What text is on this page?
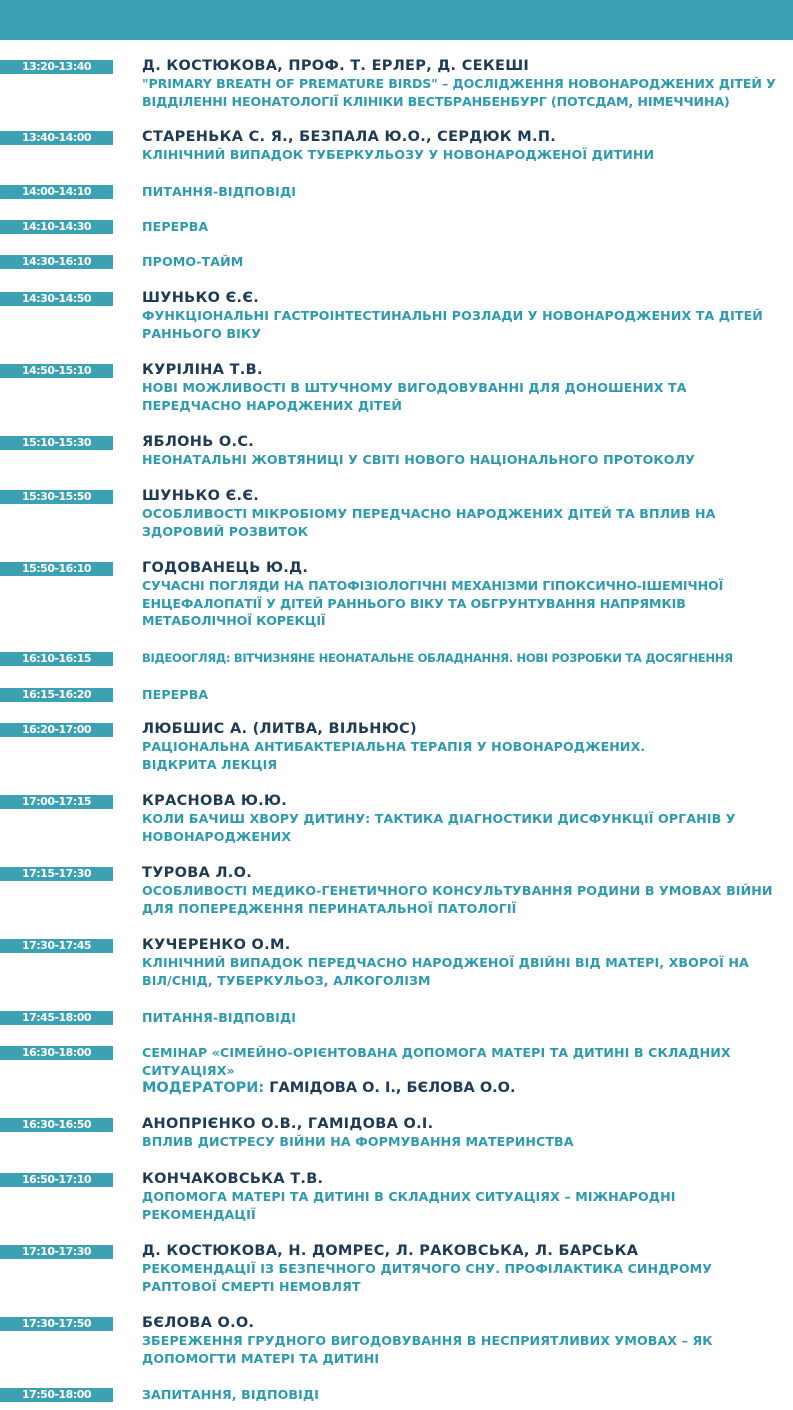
13:20-13:40	Д. КОСТЮКОВА, ПРОФ. Т. ЕРЛЕР, Д. СЕКЕШІ
"PRIMARY BREATH OF PREMATURE BIRDS" – ДОСЛІДЖЕННЯ НОВОНАРОДЖЕНИХ ДІТЕЙ У ВІДДІЛЕННІ НЕОНАТОЛОГІЇ КЛІНІКИ ВЕСТБРАНБЕНБУРГ (ПОТСДАМ, НІМЕЧЧИНА)
13:40-14:00	СТАРЕНЬКА С. Я., БЕЗПАЛА Ю.О., СЕРДЮК М.П.
КЛІНІЧНИЙ ВИПАДОК ТУБЕРКУЛЬОЗУ У НОВОНАРОДЖЕНОЇ ДИТИНИ
14:00-14:10	ПИТАННЯ-ВІДПОВІДІ
14:10-14:30	ПЕРЕРВА
14:30-16:10	ПРОМО-ТАЙМ
14:30-14:50	ШУНЬКО Є.Є.
ФУНКЦІОНАЛЬНІ ГАСТРОІНТЕСТИНАЛЬНІ РОЗЛАДИ У НОВОНАРОДЖЕНИХ ТА ДІТЕЙ РАННЬОГО ВІКУ
14:50-15:10	КУРІЛІНА Т.В.
НОВІ МОЖЛИВОСТІ В ШТУЧНОМУ ВИГОДОВУВАННІ ДЛЯ ДОНОШЕНИХ ТА ПЕРЕДЧАСНО НАРОДЖЕНИХ ДІТЕЙ
15:10-15:30	ЯБЛОНЬ О.С.
НЕОНАТАЛЬНІ ЖОВТЯНИЦІ У СВІТІ НОВОГО НАЦІОНАЛЬНОГО ПРОТОКОЛУ
15:30-15:50	ШУНЬКО Є.Є.
ОСОБЛИВОСТІ МІКРОБІОМУ ПЕРЕДЧАСНО НАРОДЖЕНИХ ДІТЕЙ ТА ВПЛИВ НА ЗДОРОВИЙ РОЗВИТОК
15:50-16:10	ГОДОВАНЕЦЬ Ю.Д.
СУЧАСНІ ПОГЛЯДИ НА ПАТОФІЗІОЛОГІЧНІ МЕХАНІЗМИ ГІПОКСИЧНО-ІШЕМІЧНОЇ ЕНЦЕФАЛОПАТІЇ У ДІТЕЙ РАННЬОГО ВІКУ ТА ОБГРУНТУВАННЯ НАПРЯМКІВ МЕТАБОЛІЧНОЇ КОРЕКЦІЇ
16:10-16:15	ВІДЕООГЛЯД: ВІТЧИЗНЯНЕ НЕОНАТАЛЬНЕ ОБЛАДНАННЯ. НОВІ РОЗРОБКИ ТА ДОСЯГНЕННЯ
16:15-16:20	ПЕРЕРВА
16:20-17:00	ЛЮБШИС А. (ЛИТВА, ВІЛЬНЮС)
РАЦІОНАЛЬНА АНТИБАКТЕРІАЛЬНА ТЕРАПІЯ У НОВОНАРОДЖЕНИХ. ВІДКРИТА ЛЕКЦІЯ
17:00-17:15	КРАСНОВА Ю.Ю.
КОЛИ БАЧИШ ХВОРУ ДИТИНУ: ТАКТИКА ДІАГНОСТИКИ ДИСФУНКЦІЇ ОРГАНІВ У НОВОНАРОДЖЕНИХ
17:15-17:30	ТУРОВА Л.О.
ОСОБЛИВОСТІ МЕДИКО-ГЕНЕТИЧНОГО КОНСУЛЬТУВАННЯ РОДИНИ В УМОВАХ ВІЙНИ ДЛЯ ПОПЕРЕДЖЕННЯ ПЕРИНАТАЛЬНОЇ ПАТОЛОГІЇ
17:30-17:45	КУЧЕРЕНКО О.М.
КЛІНІЧНИЙ ВИПАДОК ПЕРЕДЧАСНО НАРОДЖЕНОЇ ДВІЙНІ ВІД МАТЕРІ, ХВОРОЇ НА ВІЛ/СНІД, ТУБЕРКУЛЬОЗ, АЛКОГОЛІЗМ
17:45-18:00	ПИТАННЯ-ВІДПОВІДІ
16:30-18:00	СЕМІНАР «СІМЕЙНО-ОРІЄНТОВАНА ДОПОМОГА МАТЕРІ ТА ДИТИНІ В СКЛАДНИХ СИТУАЦІЯХ»
МОДЕРАТОРИ: ГАМІДОВА О. І., БЄЛОВА О.О.
16:30-16:50	АНОПРІЄНКО О.В., ГАМІДОВА О.І.
ВПЛИВ ДИСТРЕСУ ВІЙНИ НА ФОРМУВАННЯ МАТЕРИНСТВА
16:50-17:10	КОНЧАКОВСЬКА Т.В.
ДОПОМОГА МАТЕРІ ТА ДИТИНІ В СКЛАДНИХ СИТУАЦІЯХ – МІЖНАРОДНІ РЕКОМЕНДАЦІЇ
17:10-17:30	Д. КОСТЮКОВА, Н. ДОМРЕС, Л. РАКОВСЬКА, Л. БАРСЬКА
РЕКОМЕНДАЦІЇ ІЗ БЕЗПЕЧНОГО ДИТЯЧОГО СНУ. ПРОФІЛАКТИКА СИНДРОМУ РАПТОВОЇ СМЕРТІ НЕМОВЛЯТ
17:30-17:50	БЄЛОВА О.О.
ЗБЕРЕЖЕННЯ ГРУДНОГО ВИГОДОВУВАННЯ В НЕСПРИЯТЛИВИХ УМОВАХ – ЯК ДОПОМОГТИ МАТЕРІ ТА ДИТИНІ
17:50-18:00	ЗАПИТАННЯ, ВІДПОВІДІ
